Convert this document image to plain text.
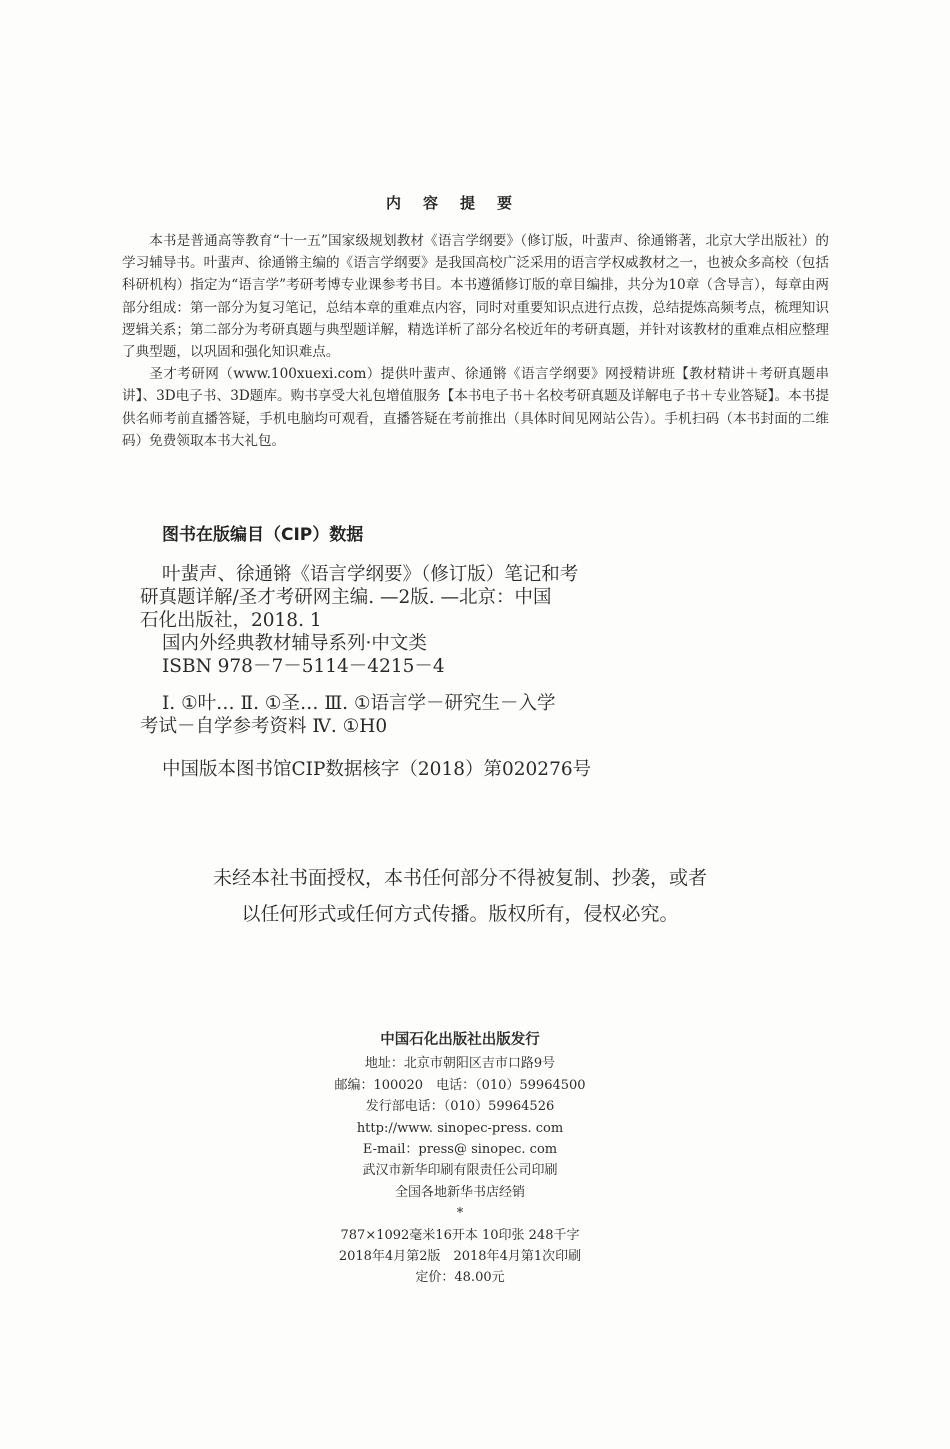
内容提要

本书是普通高等教育“十一五”国家级规划教材《语言学纲要》（修订版，叶蜚声、徐通锵著，北京大学出版社）的学习辅导书。叶蜚声、徐通锵主编的《语言学纲要》是我国高校广泛采用的语言学权威教材之一，也被众多高校（包括科研机构）指定为“语言学”考研考博专业课参考书目。本书遵循修订版的章目编排，共分为10章（含导言），每章由两部分组成：第一部分为复习笔记，总结本章的重难点内容，同时对重要知识点进行点拨，总结提炼高频考点，梳理知识逻辑关系；第二部分为考研真题与典型题详解，精选详析了部分名校近年的考研真题，并针对该教材的重难点相应整理了典型题，以巩固和强化知识难点。

圣才考研网（www.100xuexi.com）提供叶蜚声、徐通锵《语言学纲要》网授精讲班【教材精讲＋考研真题串讲】、3D电子书、3D题库。购书享受大礼包增值服务【本书电子书＋名校考研真题及详解电子书＋专业答疑】。本书提供名师考前直播答疑，手机电脑均可观看，直播答疑在考前推出（具体时间见网站公告）。手机扫码（本书封面的二维码）免费领取本书大礼包。

图书在版编目（CIP）数据
叶蜚声、徐通锵《语言学纲要》（修订版）笔记和考
研真题详解/圣才考研网主编. —2版. —北京：中国
石化出版社，2018. 1
国内外经典教材辅导系列·中文类
ISBN 978－7－5114－4215－4
Ⅰ. ①叶… Ⅱ. ①圣… Ⅲ. ①语言学－研究生－入学
考试－自学参考资料 Ⅳ. ①H0
中国版本图书馆CIP数据核字（2018）第020276号
未经本社书面授权，本书任何部分不得被复制、抄袭，或者
以任何形式或任何方式传播。版权所有，侵权必究。
中国石化出版社出版发行
地址：北京市朝阳区吉市口路9号
邮编：100020　电话：（010）59964500
发行部电话：（010）59964526
http://www. sinopec-press. com
E-mail：press@ sinopec. com
武汉市新华印刷有限责任公司印刷
全国各地新华书店经销
*
787×1092毫米16开本 10印张 248千字
2018年4月第2版　2018年4月第1次印刷
定价：48.00元
